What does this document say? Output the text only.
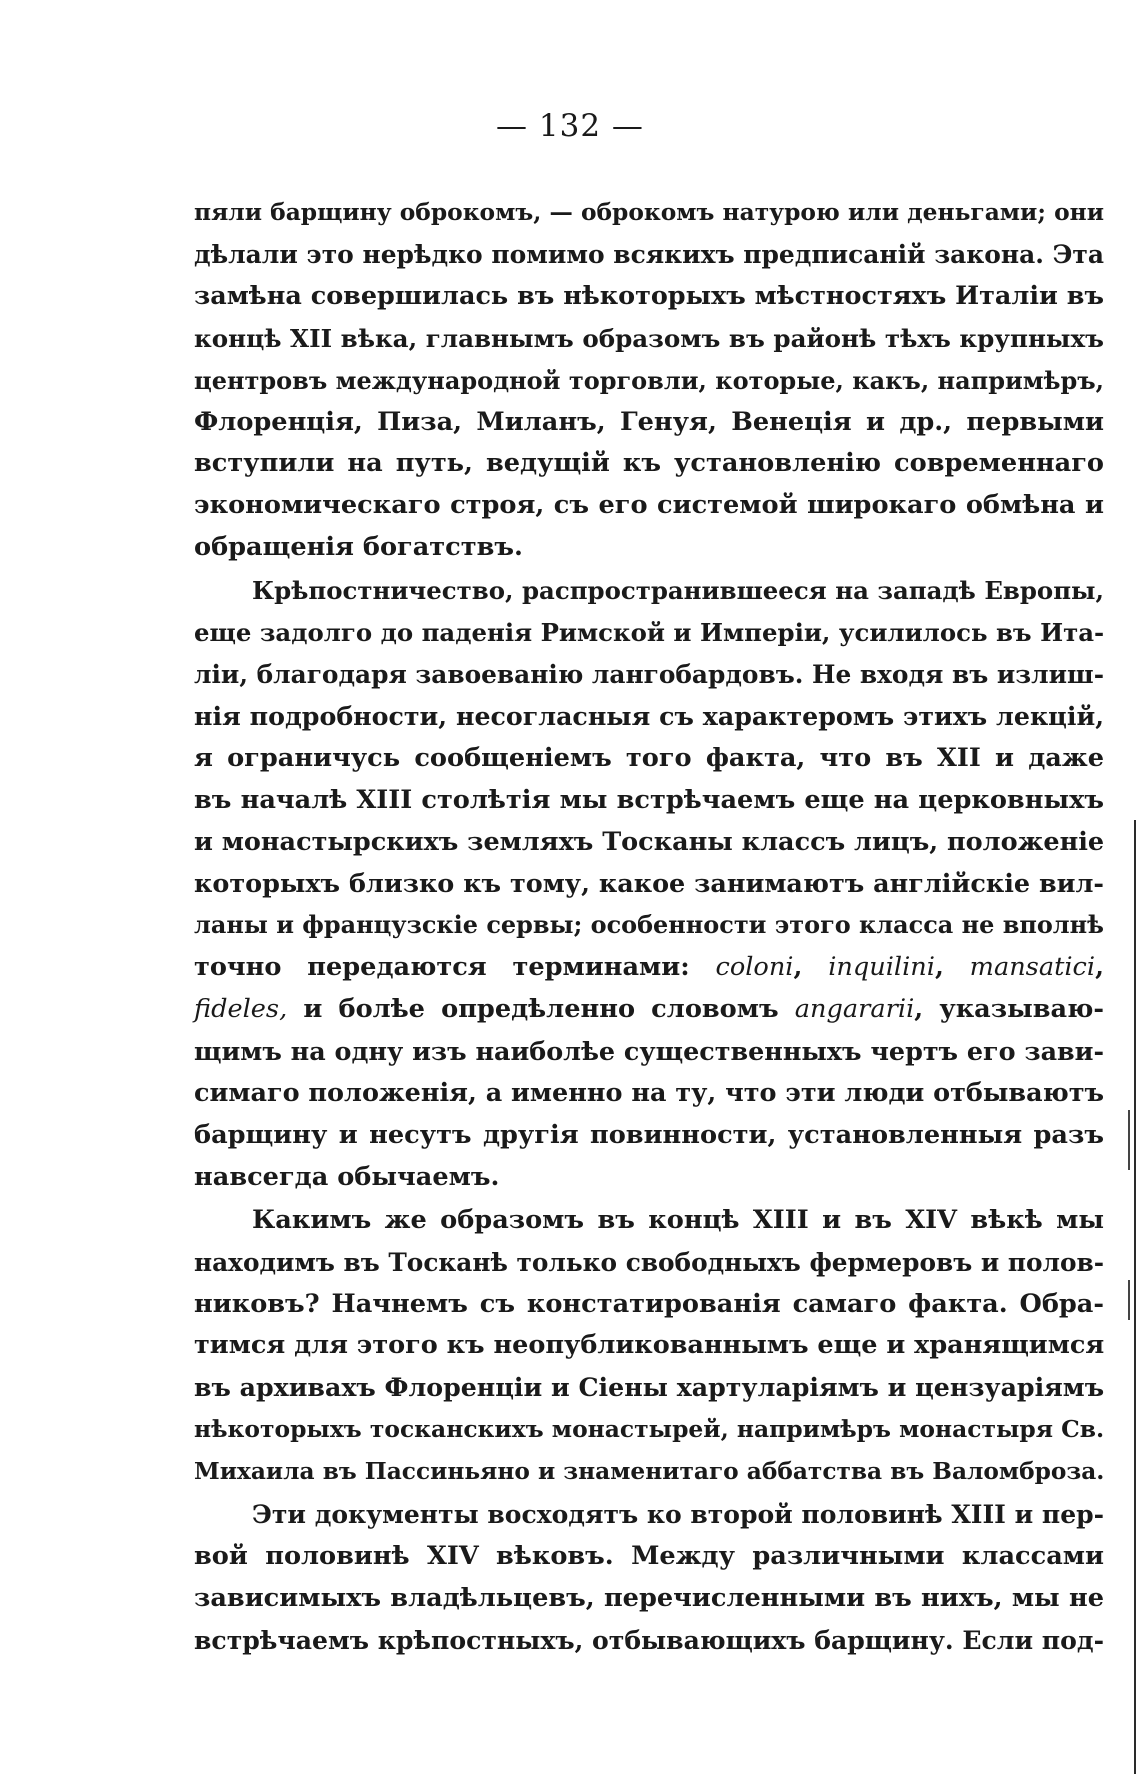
— 132 —
пяли барщину оброкомъ, — оброкомъ натурою или деньгами; они
дѣлали это нерѣдко помимо всякихъ предписаній закона. Эта
замѣна совершилась въ нѣкоторыхъ мѣстностяхъ Италіи въ
концѣ XII вѣка, главнымъ образомъ въ районѣ тѣхъ крупныхъ
центровъ международной торговли, которые, какъ, напримѣръ,
Флоренція, Пиза, Миланъ, Генуя, Венеція и др., первыми
вступили на путь, ведущій къ установленію современнаго
экономическаго строя, съ его системой широкаго обмѣна и
обращенія богатствъ.
Крѣпостничество, распространившееся на западѣ Европы,
еще задолго до паденія Римской и Имперіи, усилилось въ Ита-
ліи, благодаря завоеванію лангобардовъ. Не входя въ излиш-
нія подробности, несогласныя съ характеромъ этихъ лекцій,
я ограничусь сообщеніемъ того факта, что въ XII и даже
въ началѣ XIII столѣтія мы встрѣчаемъ еще на церковныхъ
и монастырскихъ земляхъ Тосканы классъ лицъ, положеніе
которыхъ близко къ тому, какое занимаютъ англійскіе вил-
ланы и французскіе сервы; особенности этого класса не вполнѣ
точно передаются терминами: coloni, inquilini, mansatici,
fideles, и болѣе опредѣленно словомъ angararii, указываю-
щимъ на одну изъ наиболѣе существенныхъ чертъ его зави-
симаго положенія, а именно на ту, что эти люди отбываютъ
барщину и несутъ другія повинности, установленныя разъ
навсегда обычаемъ.
Какимъ же образомъ въ концѣ XIII и въ XIV вѣкѣ мы
находимъ въ Тосканѣ только свободныхъ фермеровъ и полов-
никовъ? Начнемъ съ констатированія самаго факта. Обра-
тимся для этого къ неопубликованнымъ еще и хранящимся
въ архивахъ Флоренціи и Сіены хартуларіямъ и цензуаріямъ
нѣкоторыхъ тосканскихъ монастырей, напримѣръ монастыря Св.
Михаила въ Пассиньяно и знаменитаго аббатства въ Валомброза.
Эти документы восходятъ ко второй половинѣ XIII и пер-
вой половинѣ XIV вѣковъ. Между различными классами
зависимыхъ владѣльцевъ, перечисленными въ нихъ, мы не
встрѣчаемъ крѣпостныхъ, отбывающихъ барщину. Если под-
